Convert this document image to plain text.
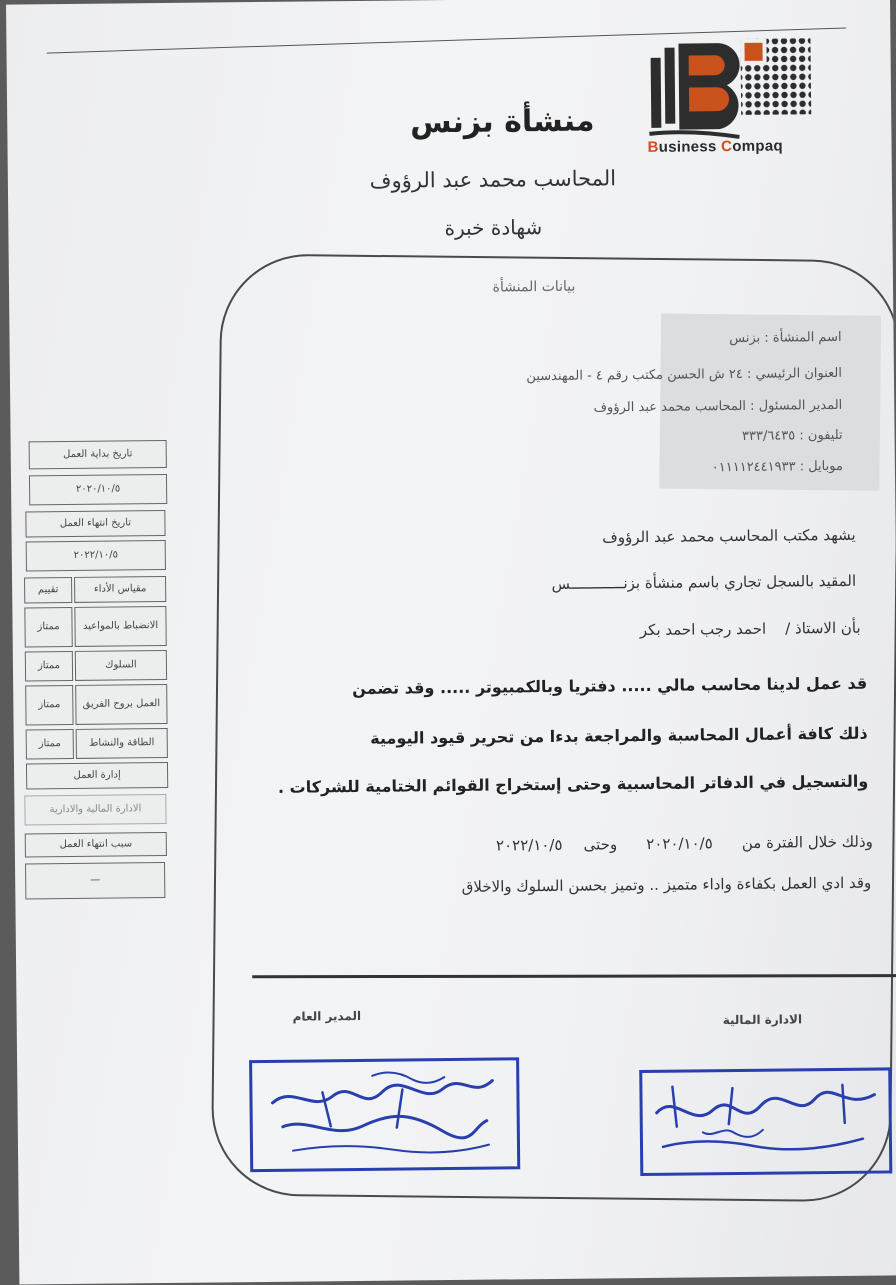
Business Compaq
منشأة بزنس
المحاسب محمد عبد الرؤوف
شهادة خبرة
بيانات المنشأة
اسم المنشأة : بزنس
العنوان الرئيسي : ٢٤ ش الحسن مكتب رقم ٤ - المهندسين
المدير المسئول : المحاسب محمد عبد الرؤوف
تليفون : ٣٣٣/٦٤٣٥
موبايل : ٠١١١١٢٤٤١٩٣٣
يشهد مكتب المحاسب محمد عبد الرؤوف
المقيد بالسجل تجاري باسم منشأة بزنــــــــــــس
بأن الاستاذ / احمد رجب احمد بكر
قد عمل لدينا محاسب مالي ..... دفتريا وبالكمبيوتر ..... وقد تضمن
ذلك كافة أعمال المحاسبة والمراجعة بدءا من تحرير قيود اليومية
والتسجيل في الدفاتر المحاسبية وحتى إستخراج القوائم الختامية للشركات .
وذلك خلال الفترة من ٢٠٢٠/١٠/٥ وحتى ٢٠٢٢/١٠/٥
وقد ادي العمل بكفاءة واداء متميز .. وتميز بحسن السلوك والاخلاق
المدير العام	الادارة المالية
تاريخ بداية العمل
٢٠٢٠/١٠/٥
تاريخ انتهاء العمل
٢٠٢٢/١٠/٥
مقياس الأداء
تقييم
الانضباط بالمواعيد
ممتاز
السلوك
ممتاز
العمل بروح الفريق
ممتاز
الطاقة والنشاط
ممتاز
إدارة العمل
الادارة المالية والادارية
سبب انتهاء العمل
—
